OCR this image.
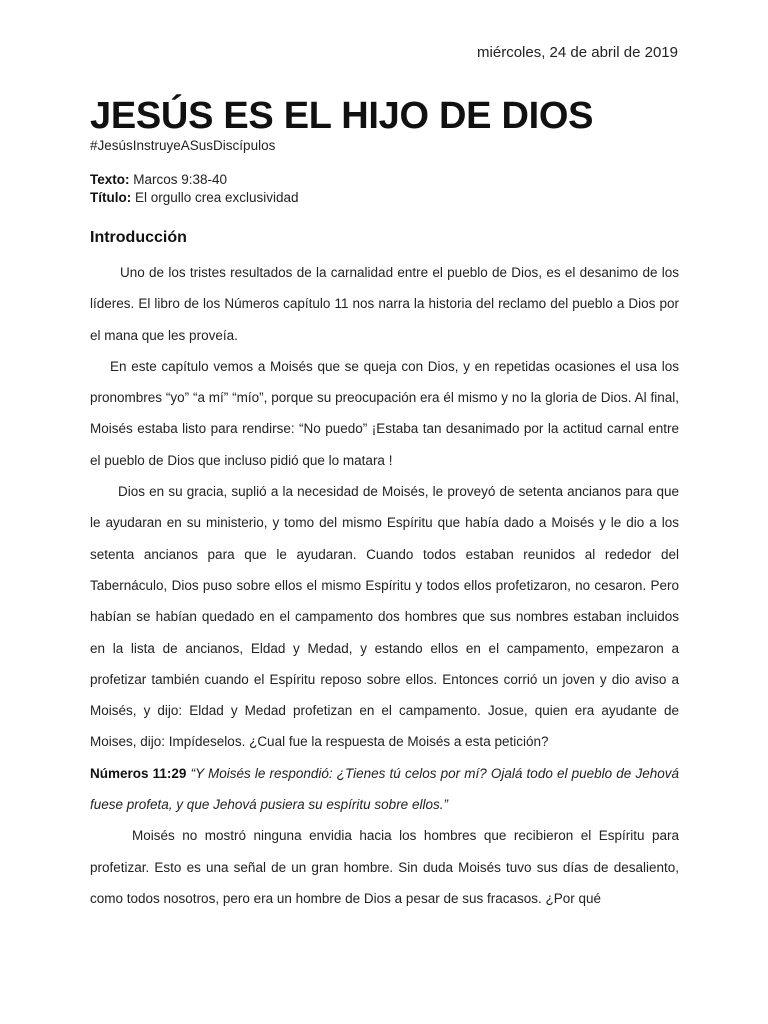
miércoles, 24 de abril de 2019
JESÚS ES EL HIJO DE DIOS
#JesúsInstruyeASusDiscípulos
Texto: Marcos 9:38-40
Título: El orgullo crea exclusividad
Introducción

Uno de los tristes resultados de la carnalidad entre el pueblo de Dios, es el desanimo de los líderes. El libro de los Números capítulo 11 nos narra la historia del reclamo del pueblo a Dios por el mana que les proveía.

En este capítulo vemos a Moisés que se queja con Dios, y en repetidas ocasiones el usa los pronombres “yo” “a mí” “mío”, porque su preocupación era él mismo y no la gloria de Dios. Al final, Moisés estaba listo para rendirse: “No puedo” ¡Estaba tan desanimado por la actitud carnal entre el pueblo de Dios que incluso pidió que lo matara !

Dios en su gracia, suplió a la necesidad de Moisés, le proveyó de setenta ancianos para que le ayudaran en su ministerio, y tomo del mismo Espíritu que había dado a Moisés y le dio a los setenta ancianos para que le ayudaran. Cuando todos estaban reunidos al rededor del Tabernáculo, Dios puso sobre ellos el mismo Espíritu y todos ellos profetizaron, no cesaron. Pero habían se habían quedado en el campamento dos hombres que sus nombres estaban incluidos en la lista de ancianos, Eldad y Medad, y estando ellos en el campamento, empezaron a profetizar también cuando el Espíritu reposo sobre ellos. Entonces corrió un joven y dio aviso a Moisés, y dijo: Eldad y Medad profetizan en el campamento. Josue, quien era ayudante de Moises, dijo: Impídeselos. ¿Cual fue la respuesta de Moisés a esta petición?

Números 11:29 “Y Moisés le respondió: ¿Tienes tú celos por mí? Ojalá todo el pueblo de Jehová fuese profeta, y que Jehová pusiera su espíritu sobre ellos.”

Moisés no mostró ninguna envidia hacia los hombres que recibieron el Espíritu para profetizar. Esto es una señal de un gran hombre. Sin duda Moisés tuvo sus días de desaliento, como todos nosotros, pero era un hombre de Dios a pesar de sus fracasos. ¿Por qué
